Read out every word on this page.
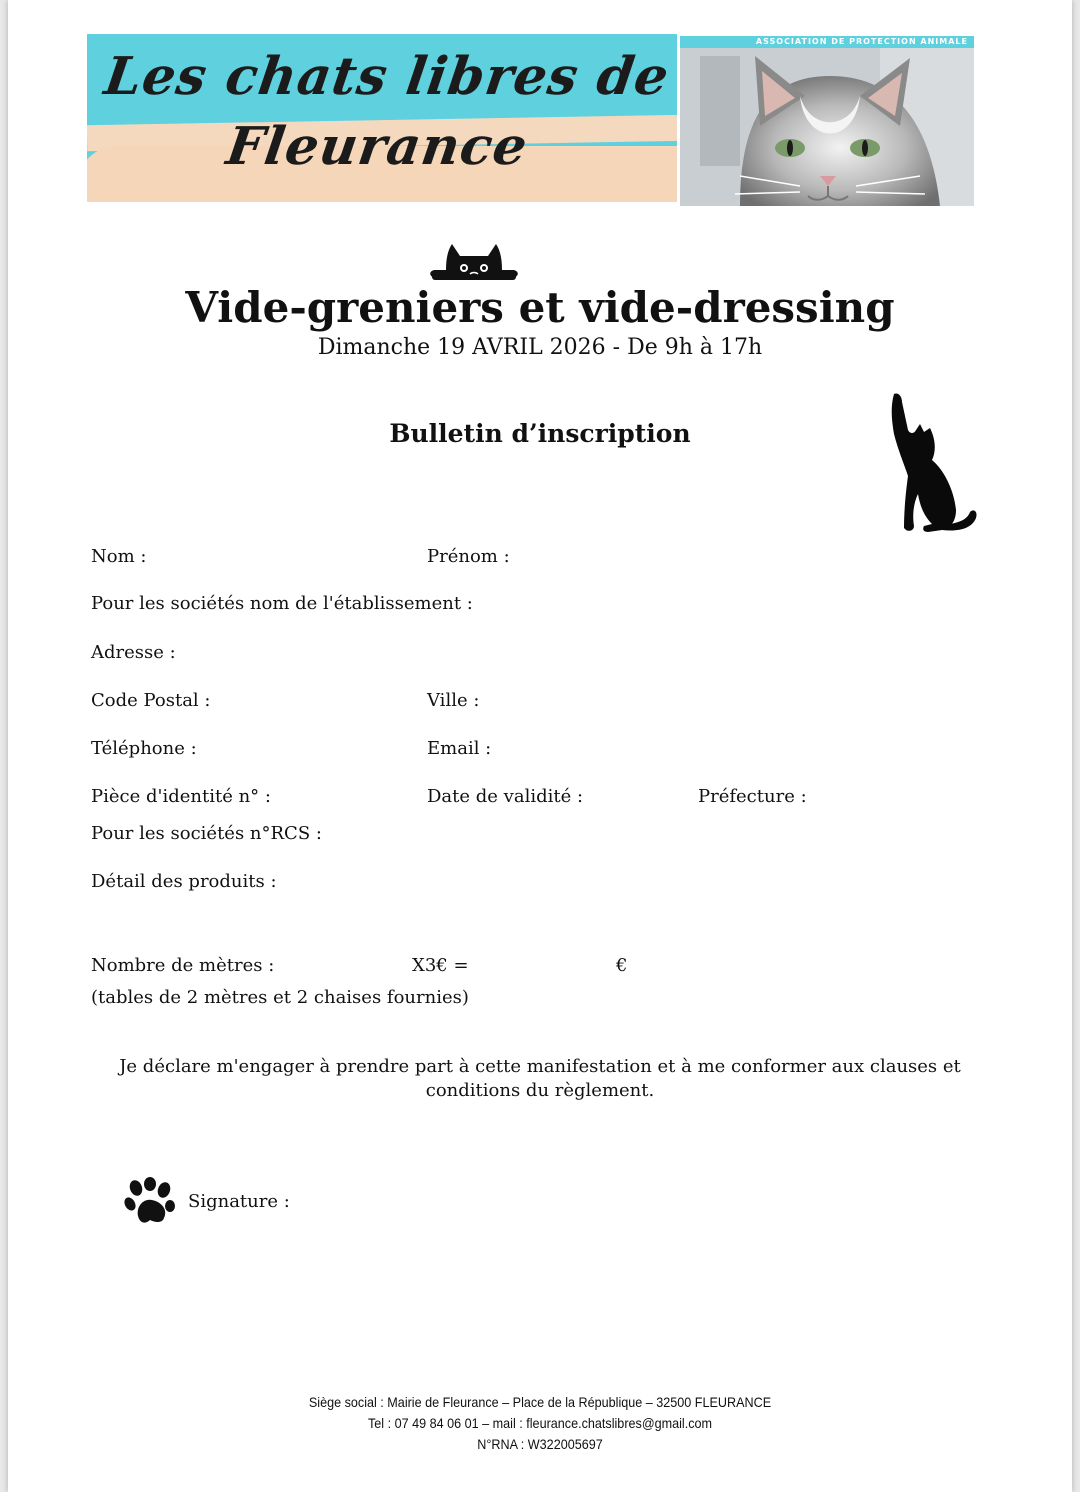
Les chats libres de
Fleurance
ASSOCIATION DE PROTECTION ANIMALE
Vide-greniers et vide-dressing
Dimanche 19 AVRIL 2026 - De 9h à 17h
Bulletin d’inscription
Nom :	Prénom :
Pour les sociétés nom de l'établissement :
Adresse :
Code Postal :	Ville :
Téléphone :	Email :
Pièce d'identité n° :	Date de validité :	Préfecture :
Pour les sociétés n°RCS :
Détail des produits :
Nombre de mètres :	X3€ =	€
(tables de 2 mètres et 2 chaises fournies)
Je déclare m'engager à prendre part à cette manifestation et à me conformer aux clauses et conditions du règlement.
Signature :
Siège social : Mairie de Fleurance – Place de la République – 32500 FLEURANCE
Tel : 07 49 84 06 01 – mail : fleurance.chatslibres@gmail.com
N°RNA : W322005697
